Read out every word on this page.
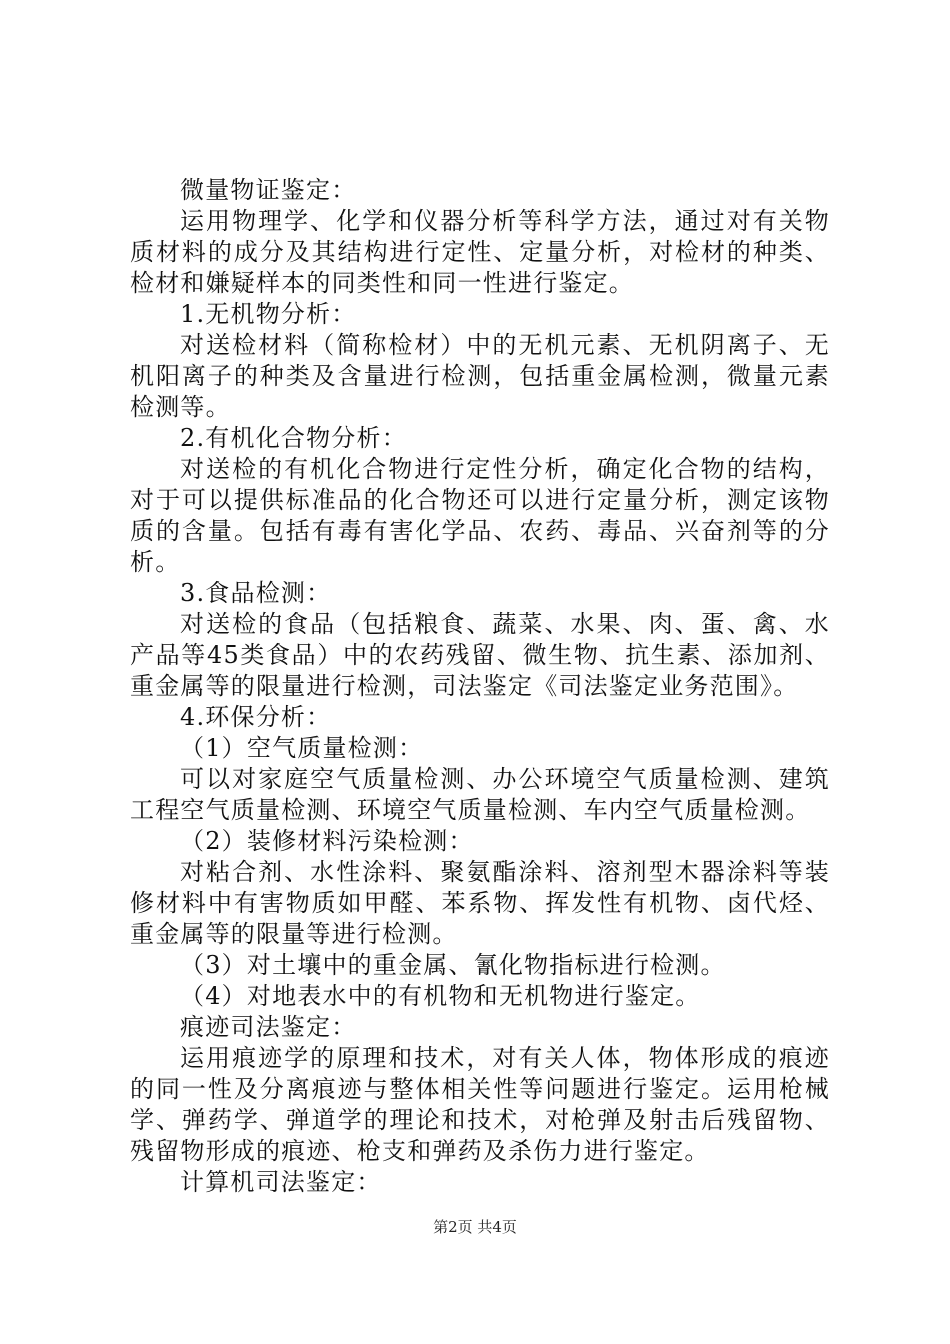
微量物证鉴定：

运用物理学、化学和仪器分析等科学方法，通过对有关物质材料的成分及其结构进行定性、定量分析，对检材的种类、检材和嫌疑样本的同类性和同一性进行鉴定。

1.无机物分析：

对送检材料（简称检材）中的无机元素、无机阴离子、无机阳离子的种类及含量进行检测，包括重金属检测，微量元素检测等。

2.有机化合物分析：

对送检的有机化合物进行定性分析，确定化合物的结构，对于可以提供标准品的化合物还可以进行定量分析，测定该物质的含量。包括有毒有害化学品、农药、毒品、兴奋剂等的分析。

3.食品检测：

对送检的食品（包括粮食、蔬菜、水果、肉、蛋、禽、水产品等45类食品）中的农药残留、微生物、抗生素、添加剂、重金属等的限量进行检测，司法鉴定《司法鉴定业务范围》。

4.环保分析：

（1）空气质量检测：

可以对家庭空气质量检测、办公环境空气质量检测、建筑工程空气质量检测、环境空气质量检测、车内空气质量检测。

（2）装修材料污染检测：

对粘合剂、水性涂料、聚氨酯涂料、溶剂型木器涂料等装修材料中有害物质如甲醛、苯系物、挥发性有机物、卤代烃、重金属等的限量等进行检测。

（3）对土壤中的重金属、氰化物指标进行检测。

（4）对地表水中的有机物和无机物进行鉴定。

痕迹司法鉴定：

运用痕迹学的原理和技术，对有关人体，物体形成的痕迹的同一性及分离痕迹与整体相关性等问题进行鉴定。运用枪械学、弹药学、弹道学的理论和技术，对枪弹及射击后残留物、残留物形成的痕迹、枪支和弹药及杀伤力进行鉴定。

计算机司法鉴定：

第2页 共4页
